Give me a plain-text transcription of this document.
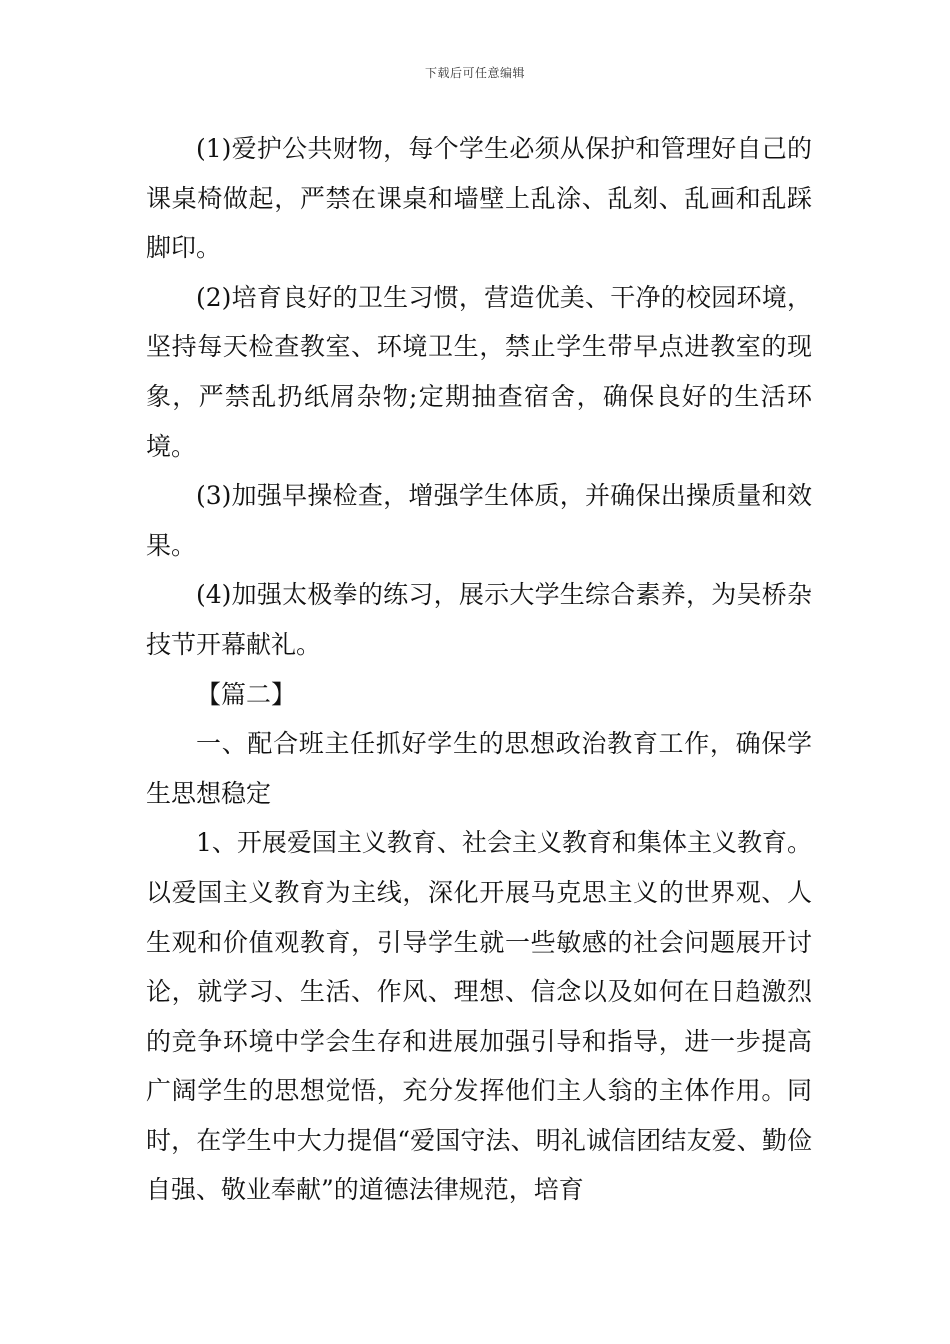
下载后可任意编辑

(1)爱护公共财物，每个学生必须从保护和管理好自己的课桌椅做起，严禁在课桌和墙壁上乱涂、乱刻、乱画和乱踩脚印。

(2)培育良好的卫生习惯，营造优美、干净的校园环境，坚持每天检查教室、环境卫生，禁止学生带早点进教室的现象，严禁乱扔纸屑杂物;定期抽查宿舍，确保良好的生活环境。

(3)加强早操检查，增强学生体质，并确保出操质量和效果。

(4)加强太极拳的练习，展示大学生综合素养，为吴桥杂技节开幕献礼。

【篇二】

一、配合班主任抓好学生的思想政治教育工作，确保学生思想稳定

1、开展爱国主义教育、社会主义教育和集体主义教育。以爱国主义教育为主线，深化开展马克思主义的世界观、人生观和价值观教育，引导学生就一些敏感的社会问题展开讨论，就学习、生活、作风、理想、信念以及如何在日趋激烈的竞争环境中学会生存和进展加强引导和指导，进一步提高广阔学生的思想觉悟，充分发挥他们主人翁的主体作用。同时，在学生中大力提倡“爱国守法、明礼诚信团结友爱、勤俭自强、敬业奉献”的道德法律规范，培育
